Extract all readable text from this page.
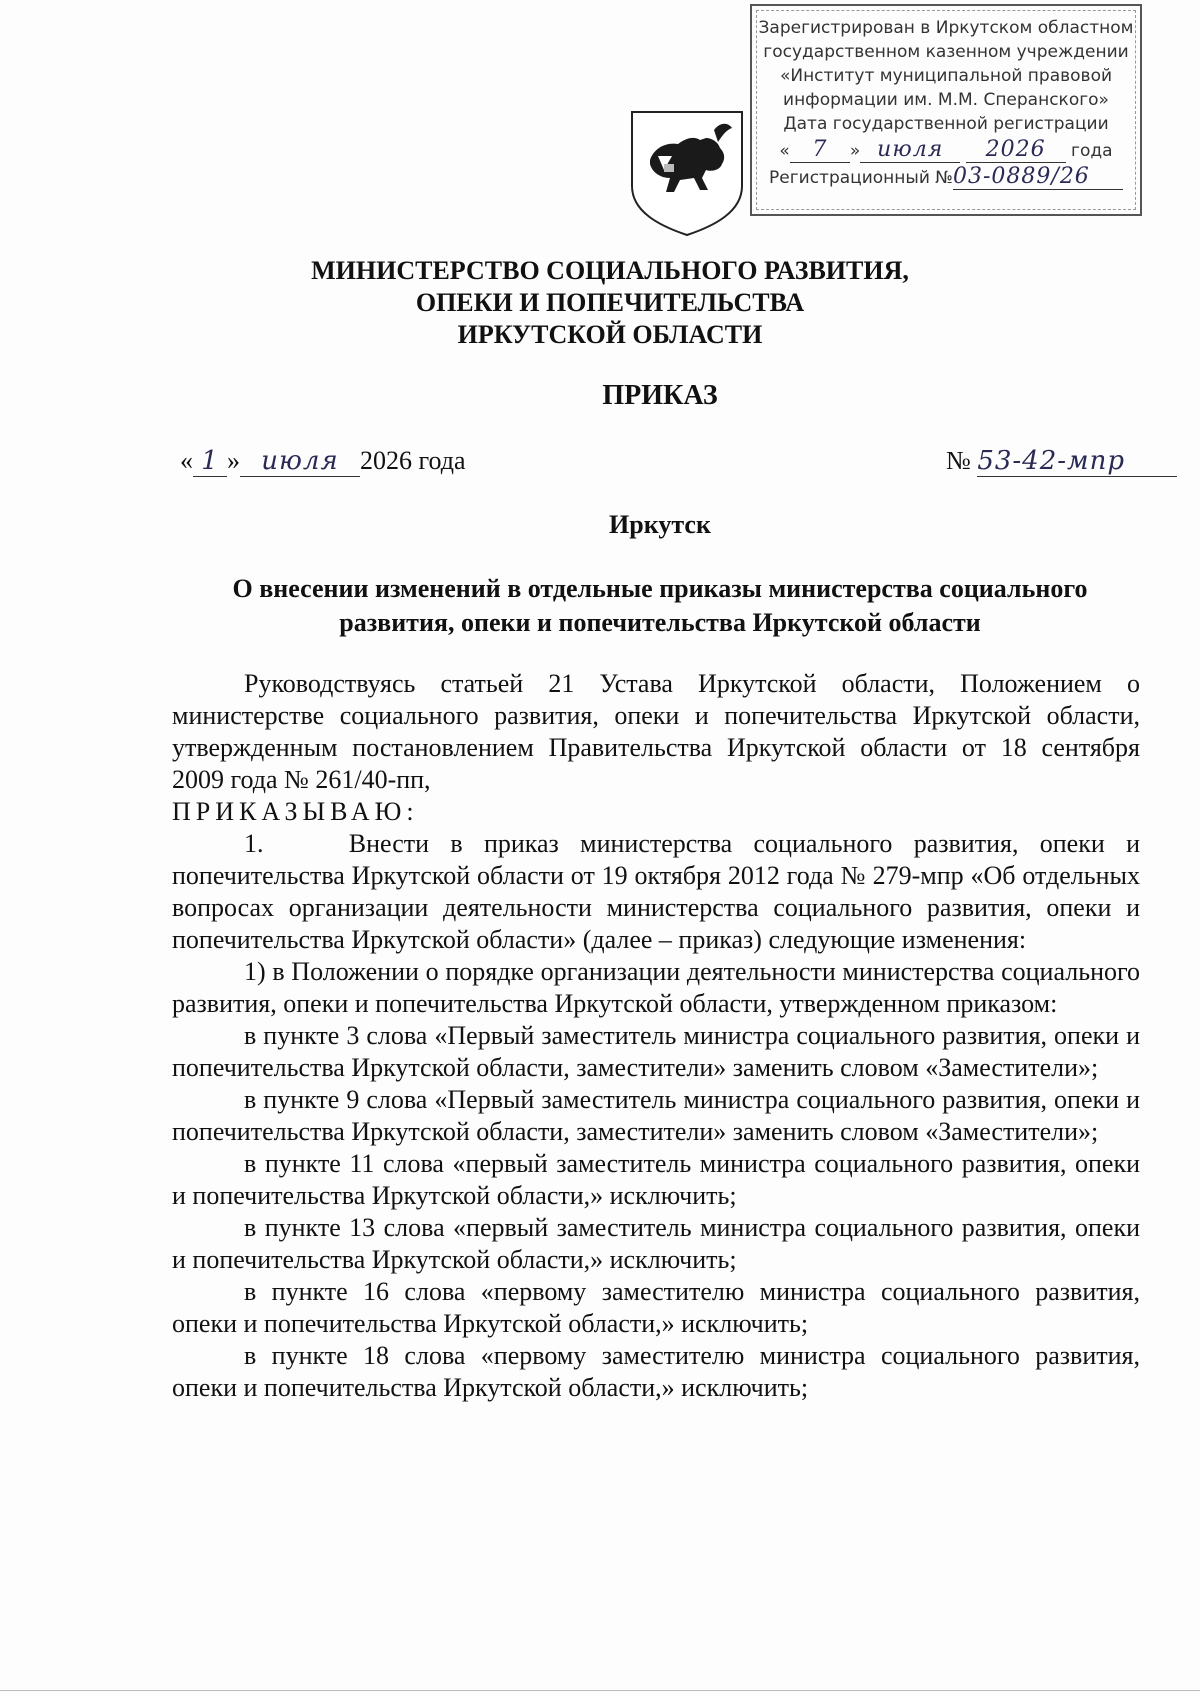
Зарегистрирован в Иркутском областном
государственном казенном учреждении
«Институт муниципальной правовой
информации им. М.М. Сперанского»
Дата государственной регистрации
« 7 » июля 2026 года
Регистрационный №03-0889/26
МИНИСТЕРСТВО СОЦИАЛЬНОГО РАЗВИТИЯ,
ОПЕКИ И ПОПЕЧИТЕЛЬСТВА
ИРКУТСКОЙ ОБЛАСТИ
ПРИКАЗ
« 1 » июля 2026 года	№ 53-42-мпр
Иркутск
О внесении изменений в отдельные приказы министерства социального развития, опеки и попечительства Иркутской области

Руководствуясь статьей 21 Устава Иркутской области, Положением о министерстве социального развития, опеки и попечительства Иркутской области, утвержденным постановлением Правительства Иркутской области от 18 сентября 2009 года № 261/40-пп,

ПРИКАЗЫВАЮ:

1.    Внести в приказ министерства социального развития, опеки и попечительства Иркутской области от 19 октября 2012 года № 279-мпр «Об отдельных вопросах организации деятельности министерства социального развития, опеки и попечительства Иркутской области» (далее – приказ) следующие изменения:

1) в Положении о порядке организации деятельности министерства социального развития, опеки и попечительства Иркутской области, утвержденном приказом:

в пункте 3 слова «Первый заместитель министра социального развития, опеки и попечительства Иркутской области, заместители» заменить словом «Заместители»;

в пункте 9 слова «Первый заместитель министра социального развития, опеки и попечительства Иркутской области, заместители» заменить словом «Заместители»;

в пункте 11 слова «первый заместитель министра социального развития, опеки и попечительства Иркутской области,» исключить;

в пункте 13 слова «первый заместитель министра социального развития, опеки и попечительства Иркутской области,» исключить;

в пункте 16 слова «первому заместителю министра социального развития, опеки и попечительства Иркутской области,» исключить;

в пункте 18 слова «первому заместителю министра социального развития, опеки и попечительства Иркутской области,» исключить;
